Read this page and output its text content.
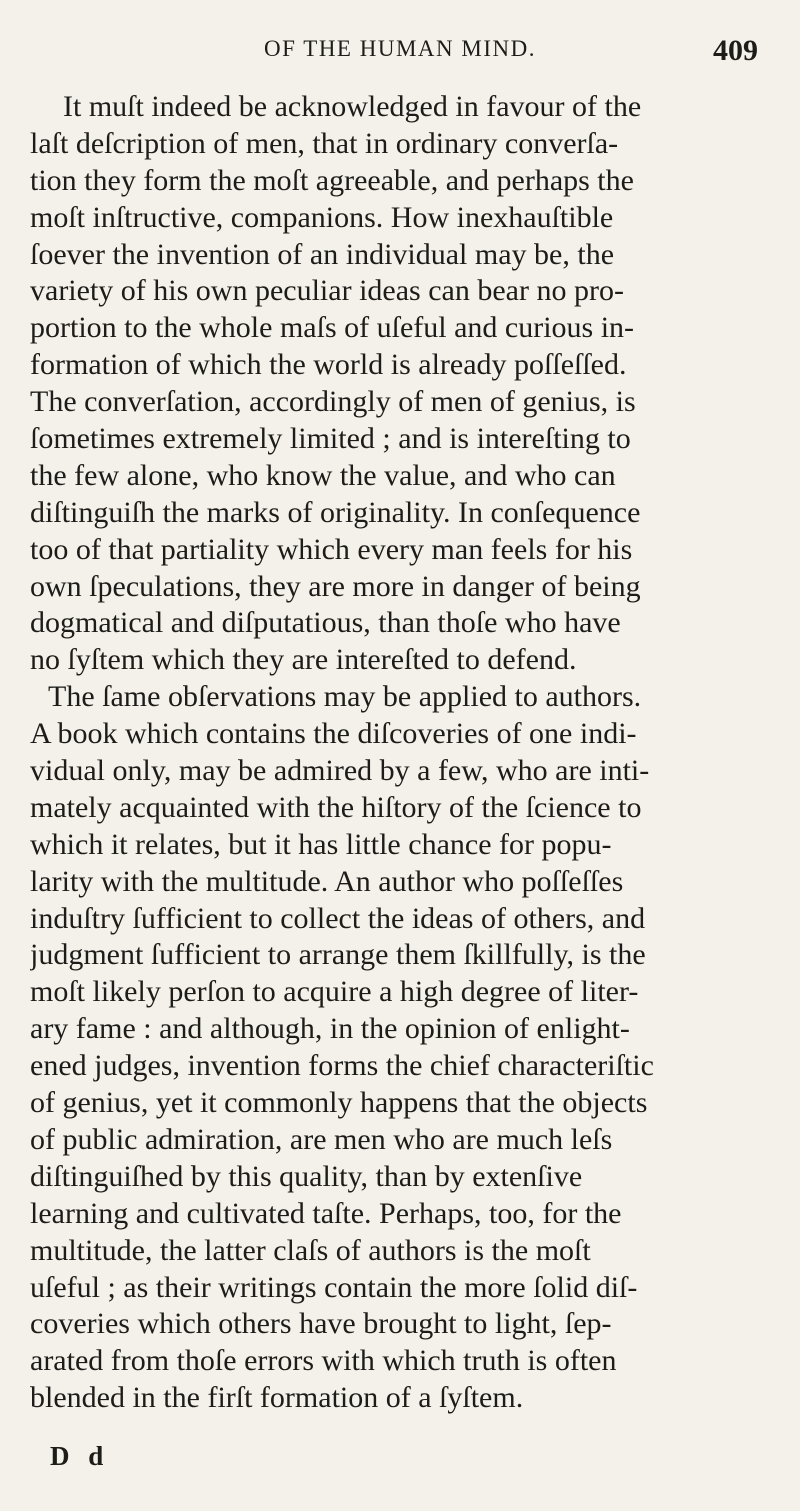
OF THE HUMAN MIND.	409
It muſt indeed be acknowledged in favour of the
laſt deſcription of men, that in ordinary converſa-
tion they form the moſt agreeable, and perhaps the
moſt inſtructive, companions. How inexhauſtible
ſoever the invention of an individual may be, the
variety of his own peculiar ideas can bear no pro-
portion to the whole maſs of uſeful and curious in-
formation of which the world is already poſſeſſed.
The converſation, accordingly of men of genius, is
ſometimes extremely limited ; and is intereſting to
the few alone, who know the value, and who can
diſtinguiſh the marks of originality. In conſequence
too of that partiality which every man feels for his
own ſpeculations, they are more in danger of being
dogmatical and diſputatious, than thoſe who have
no ſyſtem which they are intereſted to defend.
The ſame obſervations may be applied to authors.
A book which contains the diſcoveries of one indi-
vidual only, may be admired by a few, who are inti-
mately acquainted with the hiſtory of the ſcience to
which it relates, but it has little chance for popu-
larity with the multitude. An author who poſſeſſes
induſtry ſufficient to collect the ideas of others, and
judgment ſufficient to arrange them ſkillfully, is the
moſt likely perſon to acquire a high degree of liter-
ary fame : and although, in the opinion of enlight-
ened judges, invention forms the chief characteriſtic
of genius, yet it commonly happens that the objects
of public admiration, are men who are much leſs
diſtinguiſhed by this quality, than by extenſive
learning and cultivated taſte. Perhaps, too, for the
multitude, the latter claſs of authors is the moſt
uſeful ; as their writings contain the more ſolid diſ-
coveries which others have brought to light, ſep-
arated from thoſe errors with which truth is often
blended in the firſt formation of a ſyſtem.
D d
